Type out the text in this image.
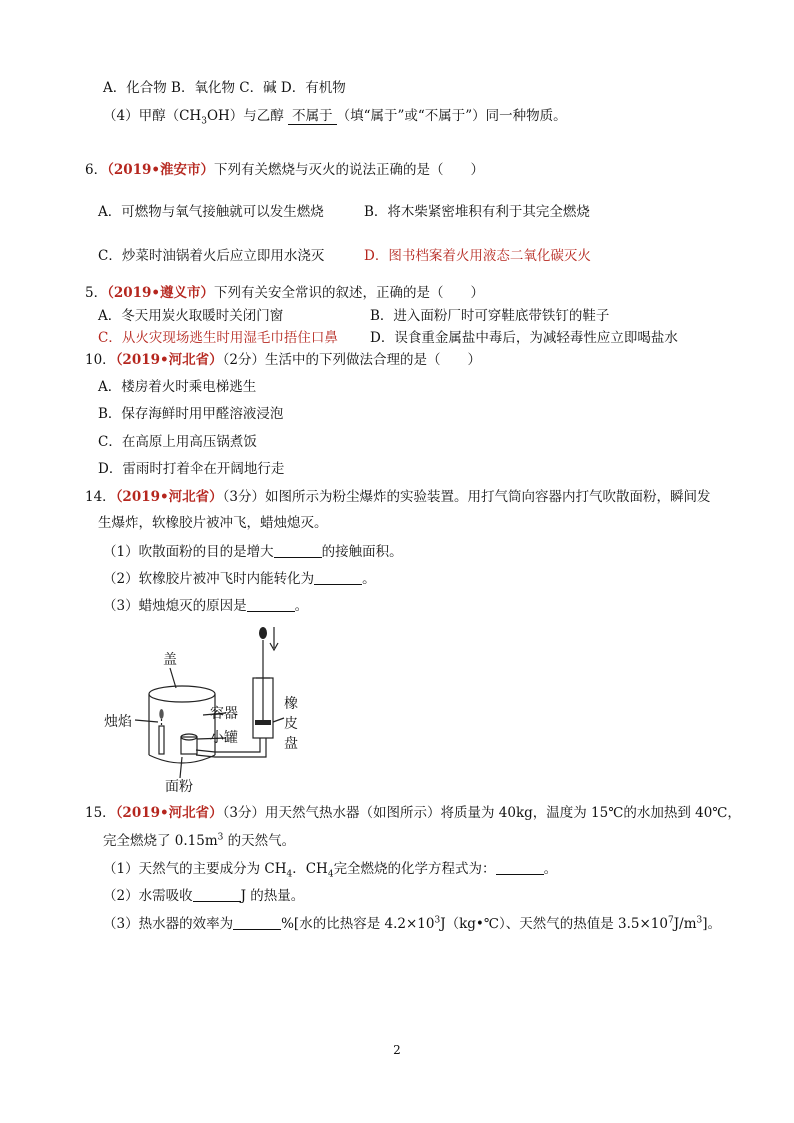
A．化合物 B．氧化物 C．碱 D．有机物
（4）甲醇$(CH_3OH)$与乙醇 不属于 （填“属于”或“不属于”）同一种物质。
6．（2019•淮安市）下列有关燃烧与灭火的说法正确的是（　　）
A．可燃物与氧气接触就可以发生燃烧	B．将木柴紧密堆积有利于其完全燃烧
C．炒菜时油锅着火后应立即用水浇灭	D．图书档案着火用液态二氧化碳灭火
5．（2019•遵义市）下列有关安全常识的叙述，正确的是（　　）
A．冬天用炭火取暖时关闭门窗	B．进入面粉厂时可穿鞋底带铁钉的鞋子
C．从火灾现场逃生时用湿毛巾捂住口鼻 D．误食重金属盐中毒后，为减轻毒性应立即喝盐水
10．（2019•河北省）（2分）生活中的下列做法合理的是（　　）
A．楼房着火时乘电梯逃生
B．保存海鲜时用甲醛溶液浸泡
C．在高原上用高压锅煮饭
D．雷雨时打着伞在开阔地行走
14．（2019•河北省）（3分）如图所示为粉尘爆炸的实验装置。用打气筒向容器内打气吹散面粉，瞬间发
生爆炸，软橡胶片被冲飞，蜡烛熄灭。
（1）吹散面粉的目的是增大	的接触面积。
（2）软橡胶片被冲飞时内能转化为	。
（3）蜡烛熄灭的原因是	。
盖
烛焰	容器
小罐
面粉
橡
皮
盘
15．（2019•河北省）（3分）用天然气热水器（如图所示）将质量为 40kg，温度为 15℃的水加热到 40℃，
完全燃烧了 $0.15m^3$ 的天然气。
（1）天然气的主要成分为 $CH_4$．$CH_4$完全燃烧的化学方程式为：	。
（2）水需吸收	J 的热量。
（3）热水器的效率为	%[水的比热容是 $4.2\times 10^3J(kg•℃)$、天然气的热值是 $3.5\times 10^7J/m^3$]。
2
